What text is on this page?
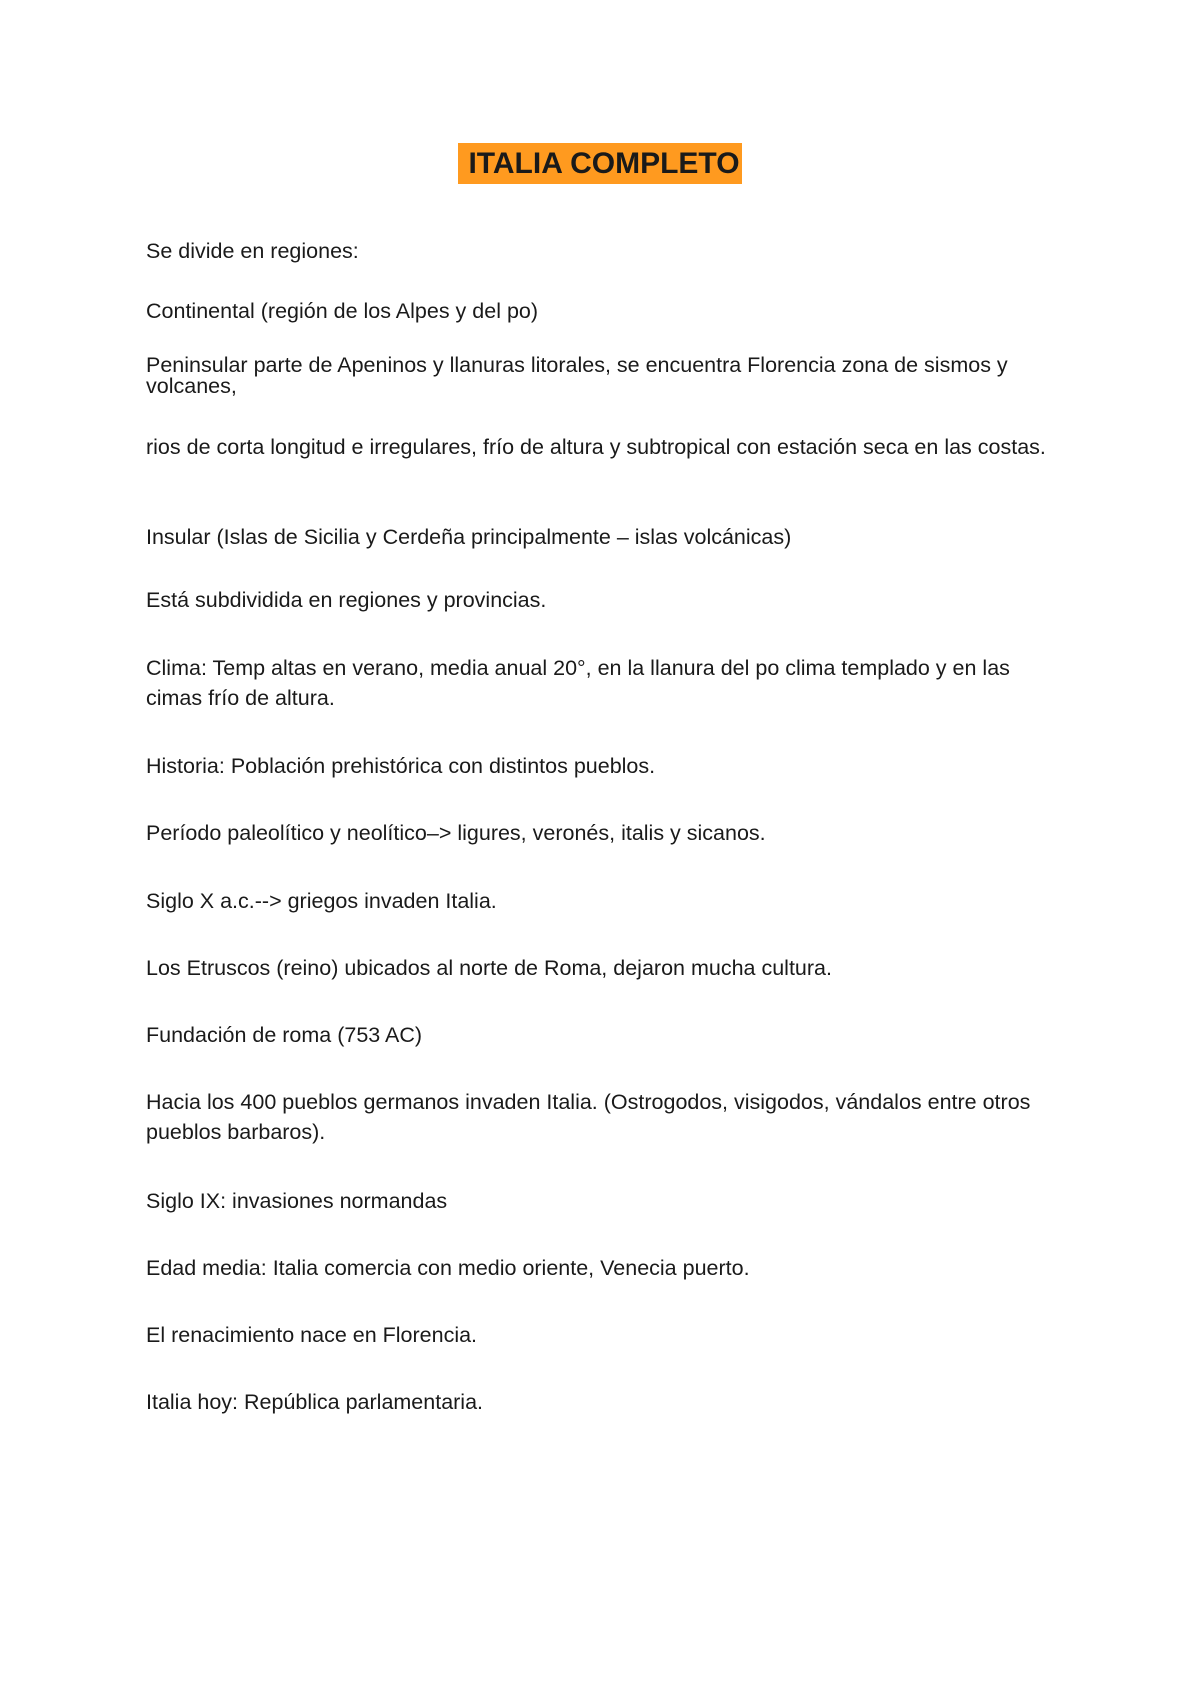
ITALIA COMPLETO

Se divide en regiones:

Continental (región de los Alpes y del po)

Peninsular parte de Apeninos y llanuras litorales, se encuentra Florencia zona de sismos y volcanes,

rios de corta longitud e irregulares, frío de altura y subtropical con estación seca en las costas.

Insular (Islas de Sicilia y Cerdeña principalmente – islas volcánicas)

Está subdividida en regiones y provincias.

Clima: Temp altas en verano, media anual 20°, en la llanura del po clima templado y en las cimas frío de altura.

Historia: Población prehistórica con distintos pueblos.

Período paleolítico y neolítico–> ligures, veronés, italis y sicanos.

Siglo X a.c.--> griegos invaden Italia.

Los Etruscos (reino) ubicados al norte de Roma, dejaron mucha cultura.

Fundación de roma (753 AC)

Hacia los 400 pueblos germanos invaden Italia. (Ostrogodos, visigodos, vándalos entre otros pueblos barbaros).

Siglo IX: invasiones normandas

Edad media: Italia comercia con medio oriente, Venecia puerto.

El renacimiento nace en Florencia.

Italia hoy: República parlamentaria.
